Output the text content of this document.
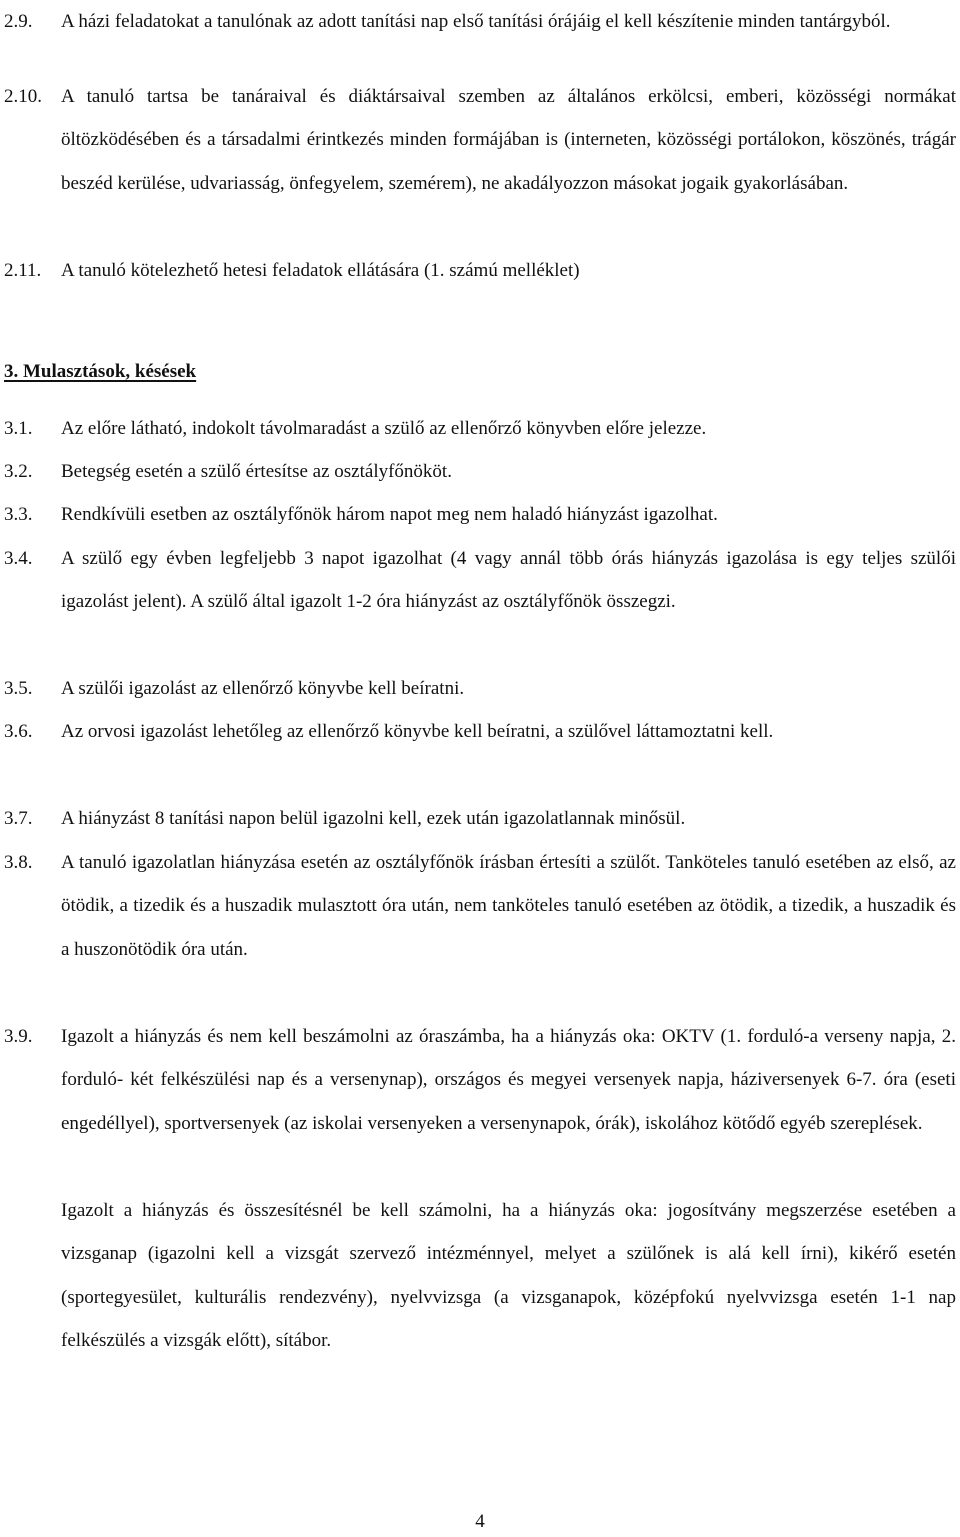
2.9. A házi feladatokat a tanulónak az adott tanítási nap első tanítási órájáig el kell készítenie minden tantárgyból.
2.10. A tanuló tartsa be tanáraival és diáktársaival szemben az általános erkölcsi, emberi, közösségi normákat öltözködésében és a társadalmi érintkezés minden formájában is (interneten, közösségi portálokon, köszönés, trágár beszéd kerülése, udvariasság, önfegyelem, szemérem), ne akadályozzon másokat jogaik gyakorlásában.
2.11. A tanuló kötelezhető hetesi feladatok ellátására (1. számú melléklet)
3. Mulasztások, késések
3.1. Az előre látható, indokolt távolmaradást a szülő az ellenőrző könyvben előre jelezze.
3.2. Betegség esetén a szülő értesítse az osztályfőnököt.
3.3. Rendkívüli esetben az osztályfőnök három napot meg nem haladó hiányzást igazolhat.
3.4. A szülő egy évben legfeljebb 3 napot igazolhat (4 vagy annál több órás hiányzás igazolása is egy teljes szülői igazolást jelent). A szülő által igazolt 1-2 óra hiányzást az osztályfőnök összegzi.
3.5. A szülői igazolást az ellenőrző könyvbe kell beíratni.
3.6. Az orvosi igazolást lehetőleg az ellenőrző könyvbe kell beíratni, a szülővel láttamoztatni kell.
3.7. A hiányzást 8 tanítási napon belül igazolni kell, ezek után igazolatlannak minősül.
3.8. A tanuló igazolatlan hiányzása esetén az osztályfőnök írásban értesíti a szülőt. Tanköteles tanuló esetében az első, az ötödik, a tizedik és a huszadik mulasztott óra után, nem tanköteles tanuló esetében az ötödik, a tizedik, a huszadik és a huszonötödik óra után.
3.9. Igazolt a hiányzás és nem kell beszámolni az óraszámba, ha a hiányzás oka: OKTV (1. forduló-a verseny napja, 2. forduló- két felkészülési nap és a versenynap), országos és megyei versenyek napja, háziversenyek 6-7. óra (eseti engedéllyel), sportversenyek (az iskolai versenyeken a versenynapok, órák), iskolához kötődő egyéb szereplések.
Igazolt a hiányzás és összesítésnél be kell számolni, ha a hiányzás oka: jogosítvány megszerzése esetében a vizsganap (igazolni kell a vizsgát szervező intézménnyel, melyet a szülőnek is alá kell írni), kikérő esetén (sportegyesület, kulturális rendezvény), nyelvvizsga (a vizsganapok, középfokú nyelvvizsga esetén 1-1 nap felkészülés a vizsgák előtt), sítábor.
4
